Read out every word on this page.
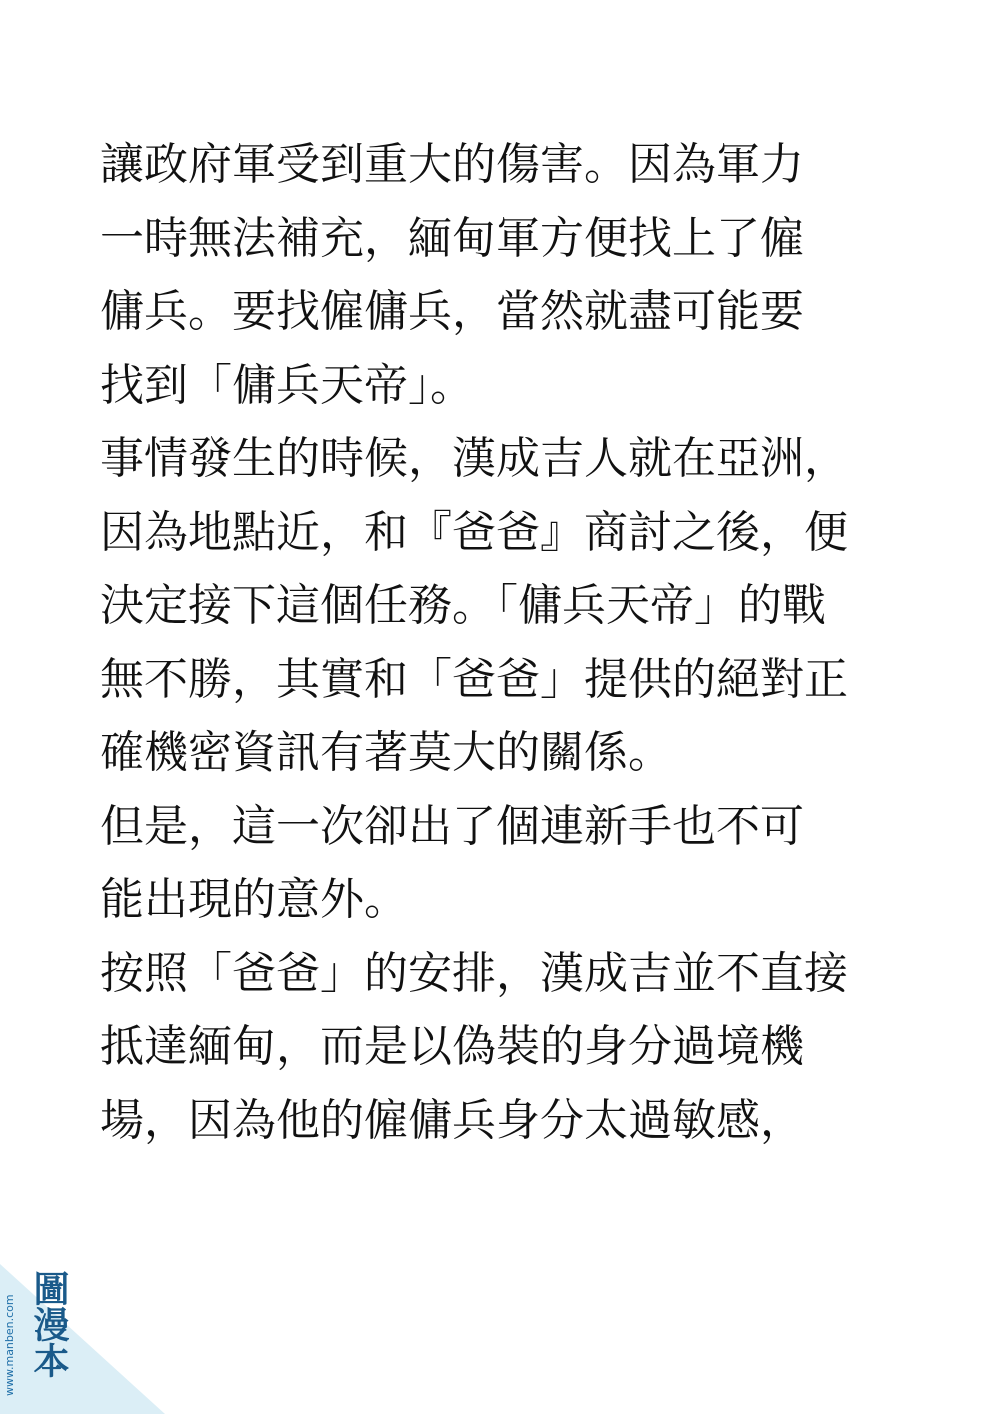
讓政府軍受到重大的傷害。因為軍力
一時無法補充，緬甸軍方便找上了僱
傭兵。要找僱傭兵，當然就盡可能要
找到「傭兵天帝」。
事情發生的時候，漢成吉人就在亞洲，
因為地點近，和『爸爸』商討之後，便
決定接下這個任務。「傭兵天帝」的戰
無不勝，其實和「爸爸」提供的絕對正
確機密資訊有著莫大的關係。
但是，這一次卻出了個連新手也不可
能出現的意外。
按照「爸爸」的安排，漢成吉並不直接
抵達緬甸，而是以偽裝的身分過境機
場，因為他的僱傭兵身分太過敏感，
www.manben.com 圖漫本
